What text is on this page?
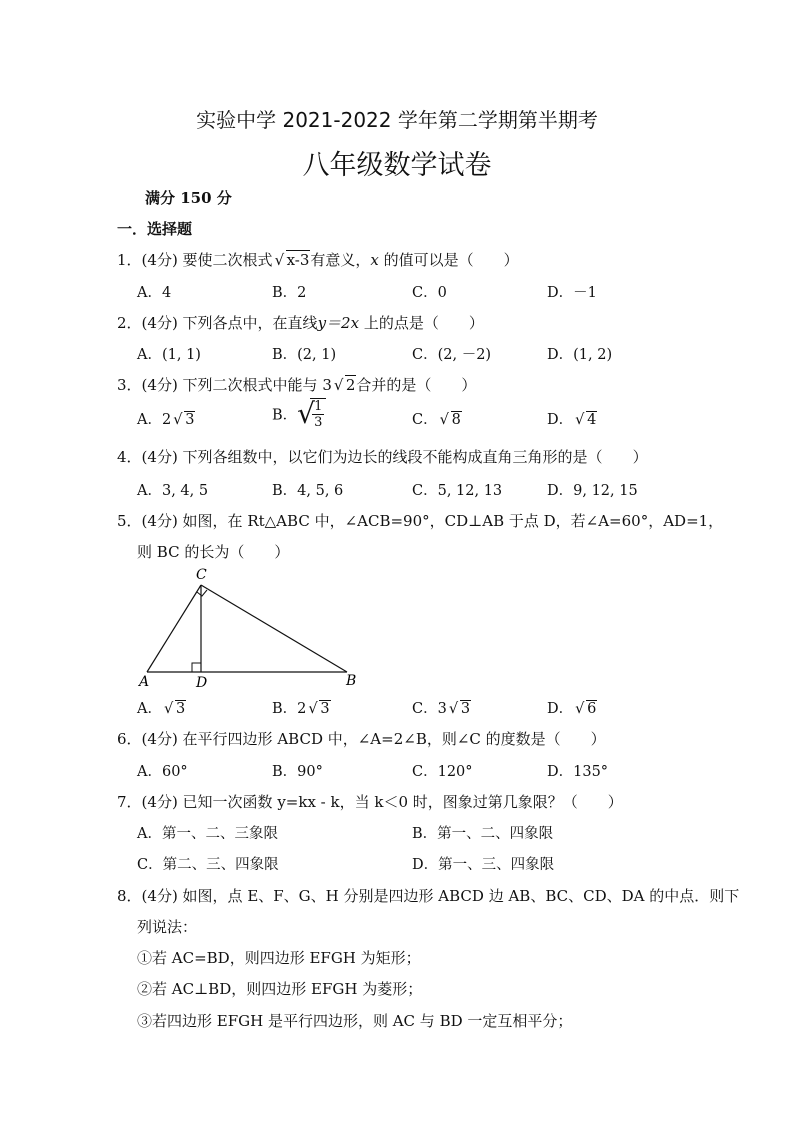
实验中学 2021-2022 学年第二学期第半期考
八年级数学试卷
满分 150 分
一．选择题
1．(4分) 要使二次根式 √ x-3有意义，x 的值可以是（　　）
A．4	B．2	C．0	D．－1
2．(4分) 下列各点中，在直线y＝2x 上的点是（　　）
A．(1, 1)	B．(2, 1)	C．(2, －2)	D．(1, 2)
3．(4分) 下列二次根式中能与 3 √ 2合并的是（　　）
A．2 √ 3	B． √
$\frac{1}{3}$	C． √ 8	D． √ 4
4．(4分) 下列各组数中，以它们为边长的线段不能构成直角三角形的是（　　）
A．3, 4, 5	B．4, 5, 6	C．5, 12, 13	D．9, 12, 15
5．(4分) 如图，在 Rt△ABC 中，∠ACB=90°，CD⊥AB 于点 D，若∠A=60°，AD=1，
则 BC 的长为（　　）
C
A	D	B
A． √ 3	B．2 √ 3	C．3 √ 3	D． √ 6
6．(4分) 在平行四边形 ABCD 中，∠A=2∠B，则∠C 的度数是（　　）
A．60°	B．90°	C．120°	D．135°
7．(4分) 已知一次函数 y=kx - k，当 k＜0 时，图象过第几象限？（　　）
A．第一、二、三象限	B．第一、二、四象限
C．第二、三、四象限	D．第一、三、四象限
8．(4分) 如图，点 E、F、G、H 分别是四边形 ABCD 边 AB、BC、CD、DA 的中点．则下
列说法：
①若 AC=BD，则四边形 EFGH 为矩形；
②若 AC⊥BD，则四边形 EFGH 为菱形；
③若四边形 EFGH 是平行四边形，则 AC 与 BD 一定互相平分；
